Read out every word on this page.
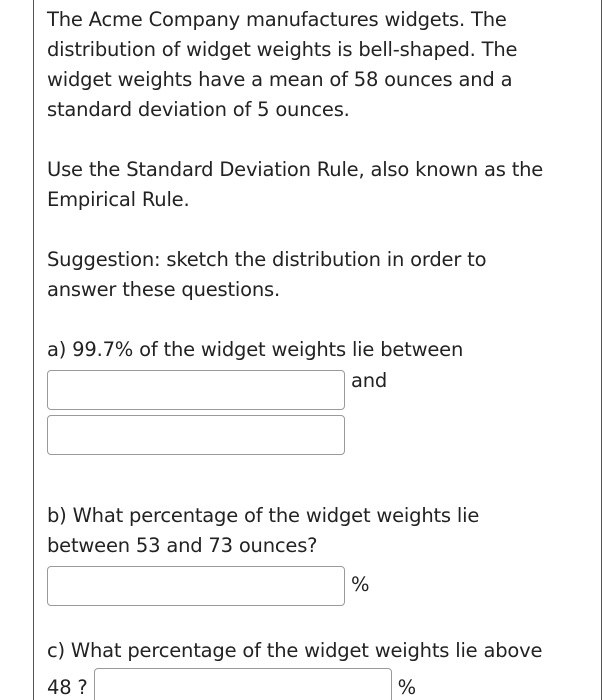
The Acme Company manufactures widgets. The
distribution of widget weights is bell-shaped. The
widget weights have a mean of 58 ounces and a
standard deviation of 5 ounces.

Use the Standard Deviation Rule, also known as the
Empirical Rule.

Suggestion: sketch the distribution in order to
answer these questions.

a) 99.7% of the widget weights lie between

and

b) What percentage of the widget weights lie
between 53 and 73 ounces?

%

c) What percentage of the widget weights lie above

48 ?	%
